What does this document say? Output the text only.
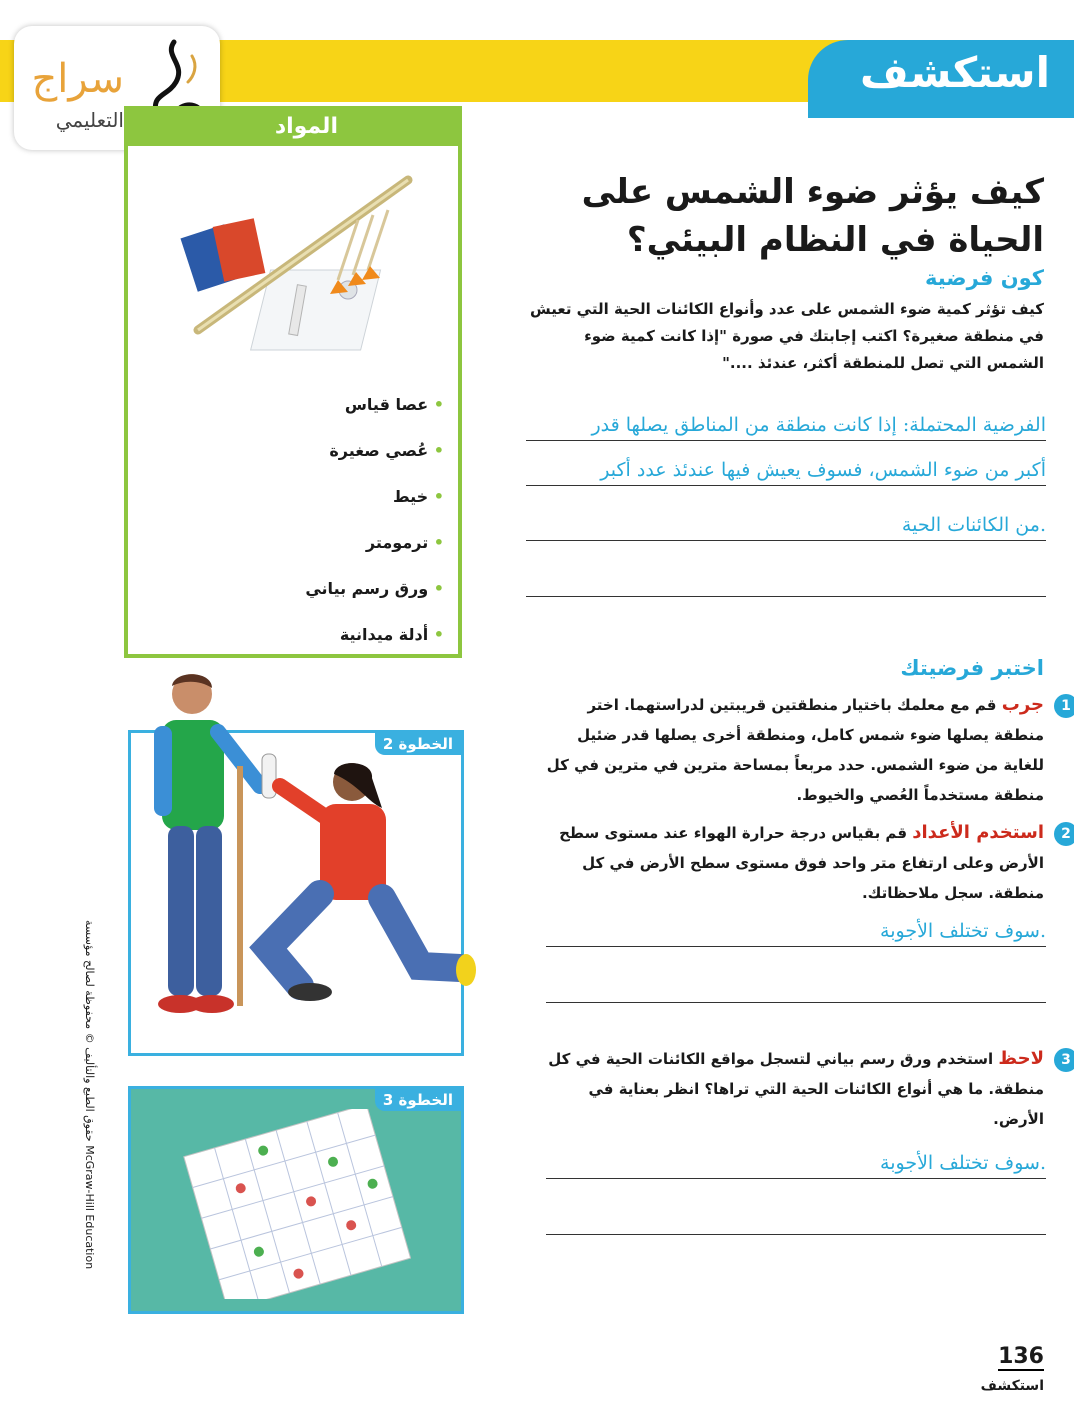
استكشف
سراج
التعليمي	المواد
• عصا قياس
• عُصي صغيرة
• خيط
• ترمومتر
• ورق رسم بياني
• أدلة ميدانية
كيف يؤثر ضوء الشمس على الحياة في النظام البيئي؟
كون فرضية
كيف تؤثر كمية ضوء الشمس على عدد وأنواع الكائنات الحية التي تعيش في منطقة صغيرة؟ اكتب إجابتك في صورة "إذا كانت كمية ضوء الشمس التي تصل للمنطقة أكثر، عندئذ ...."
الفرضية المحتملة: إذا كانت منطقة من المناطق يصلها قدر
أكبر من ضوء الشمس، فسوف يعيش فيها عندئذ عدد أكبر
من الكائنات الحية.
اختبر فرضيتك
1
جرب قم مع معلمك باختيار منطقتين قريبتين لدراستهما. اختر منطقة يصلها ضوء شمس كامل، ومنطقة أخرى يصلها قدر ضئيل للغاية من ضوء الشمس. حدد مربعاً بمساحة مترين في مترين في كل منطقة مستخدماً العُصي والخيوط.
2
استخدم الأعداد قم بقياس درجة حرارة الهواء عند مستوى سطح الأرض وعلى ارتفاع متر واحد فوق مستوى سطح الأرض في كل منطقة. سجل ملاحظاتك.
سوف تختلف الأجوبة.
3
لاحظ استخدم ورق رسم بياني لتسجل مواقع الكائنات الحية في كل منطقة. ما هي أنواع الكائنات الحية التي تراها؟ انظر بعناية في الأرض.
سوف تختلف الأجوبة.
الخطوة 2
الخطوة 3
حقوق الطبع والتأليف © محفوظة لصالح مؤسسة McGraw-Hill Education
136
استكشف
